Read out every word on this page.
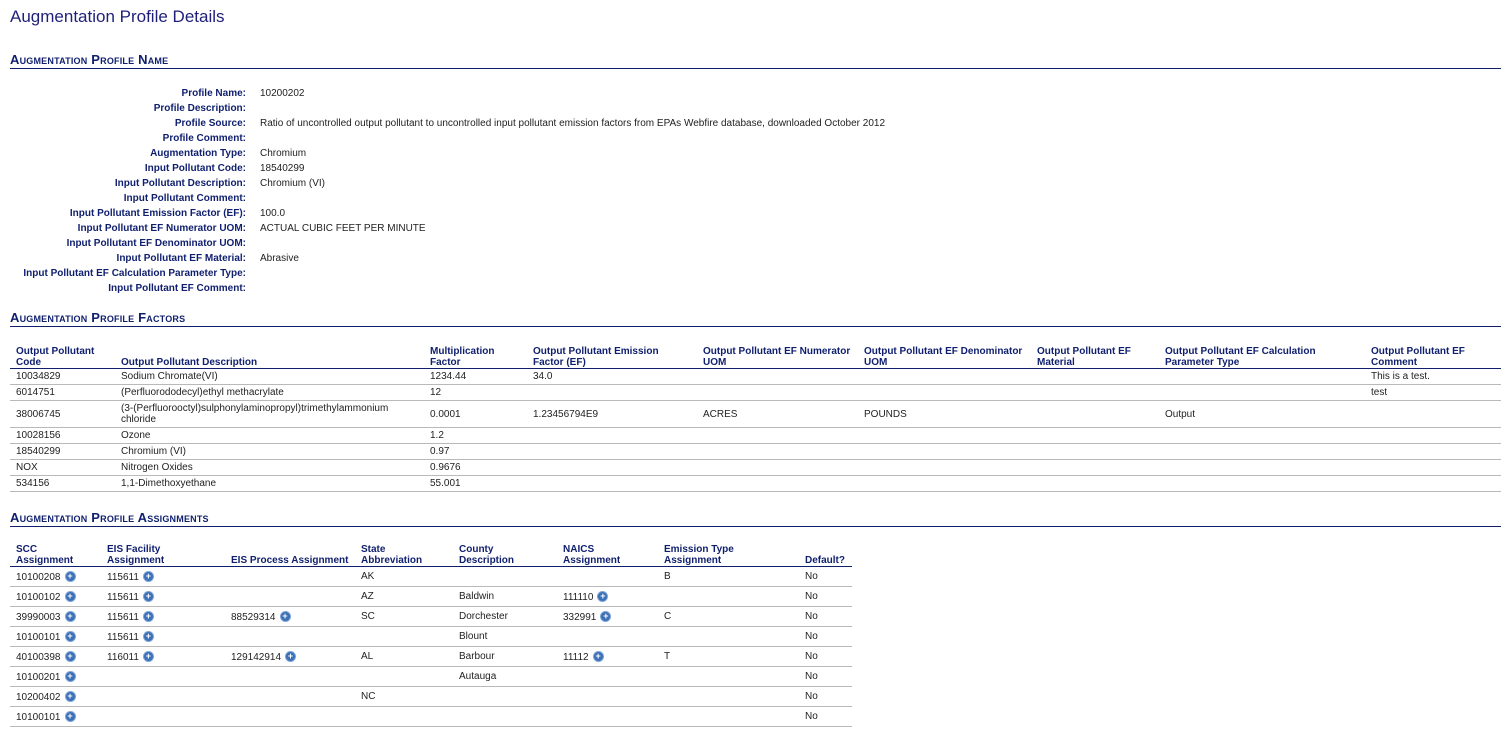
Augmentation Profile Details
Augmentation Profile Name
Profile Name:	10200202
Profile Description:	
Profile Source:	Ratio of uncontrolled output pollutant to uncontrolled input pollutant emission factors from EPAs Webfire database, downloaded October 2012
Profile Comment:	
Augmentation Type:	Chromium
Input Pollutant Code:	18540299
Input Pollutant Description:	Chromium (VI)
Input Pollutant Comment:	
Input Pollutant Emission Factor (EF):	100.0
Input Pollutant EF Numerator UOM:	ACTUAL CUBIC FEET PER MINUTE
Input Pollutant EF Denominator UOM:	
Input Pollutant EF Material:	Abrasive
Input Pollutant EF Calculation Parameter Type:	
Input Pollutant EF Comment:	
Augmentation Profile Factors
Output Pollutant Code	Output Pollutant Description	Multiplication Factor	Output Pollutant Emission Factor (EF)	Output Pollutant EF Numerator UOM	Output Pollutant EF Denominator UOM	Output Pollutant EF Material	Output Pollutant EF Calculation Parameter Type	Output Pollutant EF Comment
10034829	Sodium Chromate(VI)	1234.44	34.0					This is a test.
6014751	(Perfluorododecyl)ethyl methacrylate	12						test
38006745	(3-(Perfluorooctyl)sulphonylaminopropyl)trimethylammonium chloride	0.0001	1.23456794E9	ACRES	POUNDS		Output	
10028156	Ozone	1.2						
18540299	Chromium (VI)	0.97						
NOX	Nitrogen Oxides	0.9676						
534156	1,1-Dimethoxyethane	55.001						
Augmentation Profile Assignments
SCC Assignment	EIS Facility Assignment	EIS Process Assignment	State Abbreviation	County Description	NAICS Assignment	Emission Type Assignment	Default?
10100208 +	115611 +		AK			B	No
10100102 +	115611 +		AZ	Baldwin	111110 +		No
39990003 +	115611 +	88529314 +	SC	Dorchester	332991 +	C	No
10100101 +	115611 +			Blount			No
40100398 +	116011 +	129142914 +	AL	Barbour	11112 +	T	No
10100201 +				Autauga			No
10200402 +			NC				No
10100101 +							No
